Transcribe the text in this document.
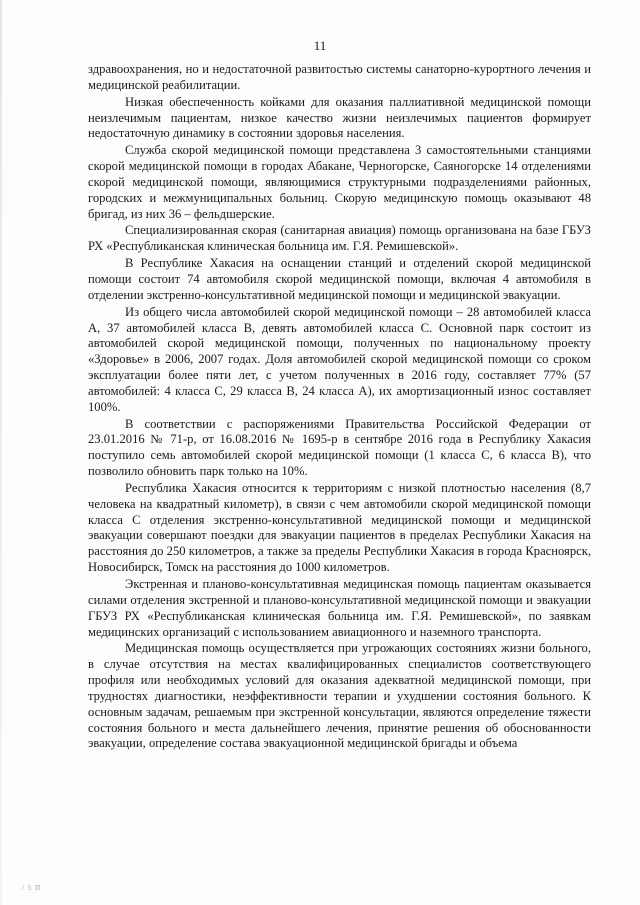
11

здравоохранения, но и недостаточной развитостью системы санаторно-курортного лечения и медицинской реабилитации.

Низкая обеспеченность койками для оказания паллиативной медицинской помощи неизлечимым пациентам, низкое качество жизни неизлечимых пациентов формирует недостаточную динамику в состоянии здоровья населения.

Служба скорой медицинской помощи представлена 3 самостоятельными станциями скорой медицинской помощи в городах Абакане, Черногорске, Саяногорске 14 отделениями скорой медицинской помощи, являющимися структурными подразделениями районных, городских и межмуниципальных больниц. Скорую медицинскую помощь оказывают 48 бригад, из них 36 – фельдшерские.

Специализированная скорая (санитарная авиация) помощь организована на базе ГБУЗ РХ «Республиканская клиническая больница им. Г.Я. Ремишевской».

В Республике Хакасия на оснащении станций и отделений скорой медицинской помощи состоит 74 автомобиля скорой медицинской помощи, включая 4 автомобиля в отделении экстренно-консультативной медицинской помощи и медицинской эвакуации.

Из общего числа автомобилей скорой медицинской помощи – 28 автомобилей класса А, 37 автомобилей класса В, девять автомобилей класса С. Основной парк состоит из автомобилей скорой медицинской помощи, полученных по национальному проекту «Здоровье» в 2006, 2007 годах. Доля автомобилей скорой медицинской помощи со сроком эксплуатации более пяти лет, с учетом полученных в 2016 году, составляет 77% (57 автомобилей: 4 класса С, 29 класса В, 24 класса А), их амортизационный износ составляет 100%.

В соответствии с распоряжениями Правительства Российской Федерации от 23.01.2016 № 71-р, от 16.08.2016 № 1695-р в сентябре 2016 года в Республику Хакасия поступило семь автомобилей скорой медицинской помощи (1 класса С, 6 класса В), что позволило обновить парк только на 10%.

Республика Хакасия относится к территориям с низкой плотностью населения (8,7 человека на квадратный километр), в связи с чем автомобили скорой медицинской помощи класса С отделения экстренно-консультативной медицинской помощи и медицинской эвакуации совершают поездки для эвакуации пациентов в пределах Республики Хакасия на расстояния до 250 километров, а также за пределы Республики Хакасия в города Красноярск, Новосибирск, Томск на расстояния до 1000 километров.

Экстренная и планово-консультативная медицинская помощь пациентам оказывается силами отделения экстренной и планово-консультативной медицинской помощи и эвакуации ГБУЗ РХ «Республиканская клиническая больница им. Г.Я. Ремишевской», по заявкам медицинских организаций с использованием авиационного и наземного транспорта.

Медицинская помощь осуществляется при угрожающих состояниях жизни больного, в случае отсутствия на местах квалифицированных специалистов соответствующего профиля или необходимых условий для оказания адекватной медицинской помощи, при трудностях диагностики, неэффективности терапии и ухудшении состояния больного. К основным задачам, решаемым при экстренной консультации, являются определение тяжести состояния больного и места дальнейшего лечения, принятие решения об обоснованности эвакуации, определение состава эвакуационной медицинской бригады и объема

/ 5 П
